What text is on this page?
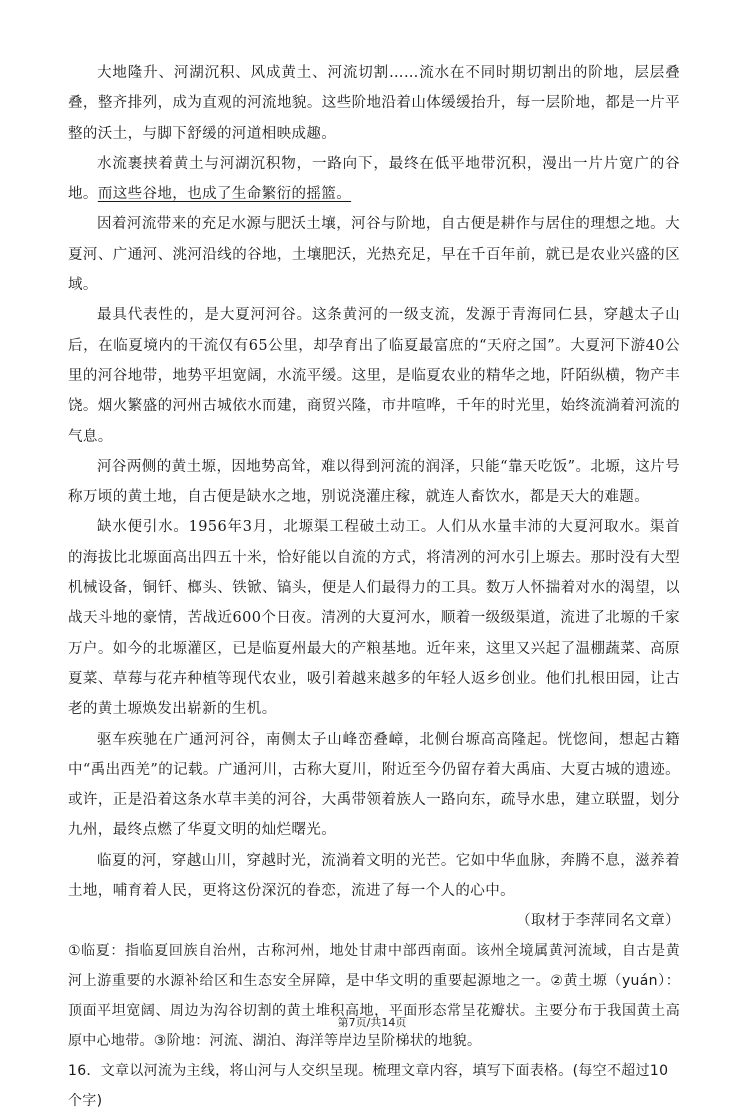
大地隆升、河湖沉积、风成黄土、河流切割……流水在不同时期切割出的阶地，层层叠叠，整齐排列，成为直观的河流地貌。这些阶地沿着山体缓缓抬升，每一层阶地，都是一片平整的沃土，与脚下舒缓的河道相映成趣。

水流裹挟着黄土与河湖沉积物，一路向下，最终在低平地带沉积，漫出一片片宽广的谷地。而这些谷地，也成了生命繁衍的摇篮。

因着河流带来的充足水源与肥沃土壤，河谷与阶地，自古便是耕作与居住的理想之地。大夏河、广通河、洮河沿线的谷地，土壤肥沃，光热充足，早在千百年前，就已是农业兴盛的区域。

最具代表性的，是大夏河河谷。这条黄河的一级支流，发源于青海同仁县，穿越太子山后，在临夏境内的干流仅有65公里，却孕育出了临夏最富庶的“天府之国”。大夏河下游40公里的河谷地带，地势平坦宽阔，水流平缓。这里，是临夏农业的精华之地，阡陌纵横，物产丰饶。烟火繁盛的河州古城依水而建，商贸兴隆，市井喧哗，千年的时光里，始终流淌着河流的气息。

河谷两侧的黄土塬，因地势高耸，难以得到河流的润泽，只能“靠天吃饭”。北塬，这片号称万顷的黄土地，自古便是缺水之地，别说浇灌庄稼，就连人畜饮水，都是天大的难题。

缺水便引水。1956年3月，北塬渠工程破土动工。人们从水量丰沛的大夏河取水。渠首的海拔比北塬面高出四五十米，恰好能以自流的方式，将清冽的河水引上塬去。那时没有大型机械设备，铜钎、榔头、铁锨、镐头，便是人们最得力的工具。数万人怀揣着对水的渴望，以战天斗地的豪情，苦战近600个日夜。清冽的大夏河水，顺着一级级渠道，流进了北塬的千家万户。如今的北塬灌区，已是临夏州最大的产粮基地。近年来，这里又兴起了温棚蔬菜、高原夏菜、草莓与花卉种植等现代农业，吸引着越来越多的年轻人返乡创业。他们扎根田园，让古老的黄土塬焕发出崭新的生机。

驱车疾驰在广通河河谷，南侧太子山峰峦叠嶂，北侧台塬高高隆起。恍惚间，想起古籍中“禹出西羌”的记载。广通河川，古称大夏川，附近至今仍留存着大禹庙、大夏古城的遗迹。或许，正是沿着这条水草丰美的河谷，大禹带领着族人一路向东，疏导水患，建立联盟，划分九州，最终点燃了华夏文明的灿烂曙光。

临夏的河，穿越山川，穿越时光，流淌着文明的光芒。它如中华血脉，奔腾不息，滋养着土地，哺育着人民，更将这份深沉的眷恋，流进了每一个人的心中。

（取材于李萍同名文章）

①临夏：指临夏回族自治州，古称河州，地处甘肃中部西南面。该州全境属黄河流域，自古是黄河上游重要的水源补给区和生态安全屏障，是中华文明的重要起源地之一。②黄土塬（yuán）：顶面平坦宽阔、周边为沟谷切割的黄土堆积高地，平面形态常呈花瓣状。主要分布于我国黄土高原中心地带。③阶地：河流、湖泊、海洋等岸边呈阶梯状的地貌。

16．文章以河流为主线，将山河与人交织呈现。梳理文章内容，填写下面表格。(每空不超过10个字)

第7页/共14页
